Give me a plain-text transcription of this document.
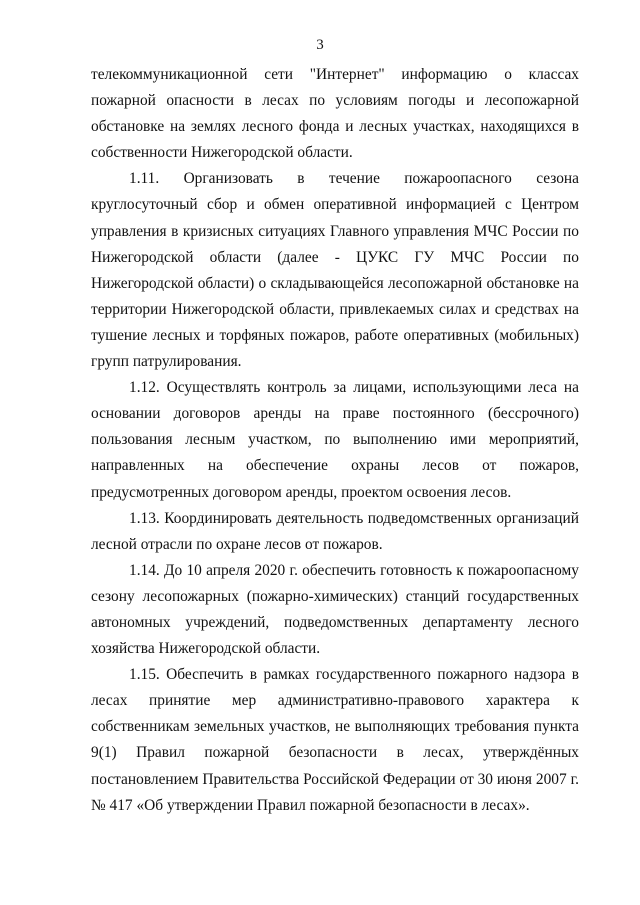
3

телекоммуникационной сети "Интернет" информацию о классах пожарной опасности в лесах по условиям погоды и лесопожарной обстановке на землях лесного фонда и лесных участках, находящихся в собственности Нижегородской области.

1.11. Организовать в течение пожароопасного сезона круглосуточный сбор и обмен оперативной информацией с Центром управления в кризисных ситуациях Главного управления МЧС России по Нижегородской области (далее - ЦУКС ГУ МЧС России по Нижегородской области) о складывающейся лесопожарной обстановке на территории Нижегородской области, привлекаемых силах и средствах на тушение лесных и торфяных пожаров, работе оперативных (мобильных) групп патрулирования.

1.12. Осуществлять контроль за лицами, использующими леса на основании договоров аренды на праве постоянного (бессрочного) пользования лесным участком, по выполнению ими мероприятий, направленных на обеспечение охраны лесов от пожаров, предусмотренных договором аренды, проектом освоения лесов.

1.13. Координировать деятельность подведомственных организаций лесной отрасли по охране лесов от пожаров.

1.14. До 10 апреля 2020 г. обеспечить готовность к пожароопасному сезону лесопожарных (пожарно-химических) станций государственных автономных учреждений, подведомственных департаменту лесного хозяйства Нижегородской области.

1.15. Обеспечить в рамках государственного пожарного надзора в лесах принятие мер административно-правового характера к собственникам земельных участков, не выполняющих требования пункта 9(1) Правил пожарной безопасности в лесах, утверждённых постановлением Правительства Российской Федерации от 30 июня 2007 г. № 417 «Об утверждении Правил пожарной безопасности в лесах».
